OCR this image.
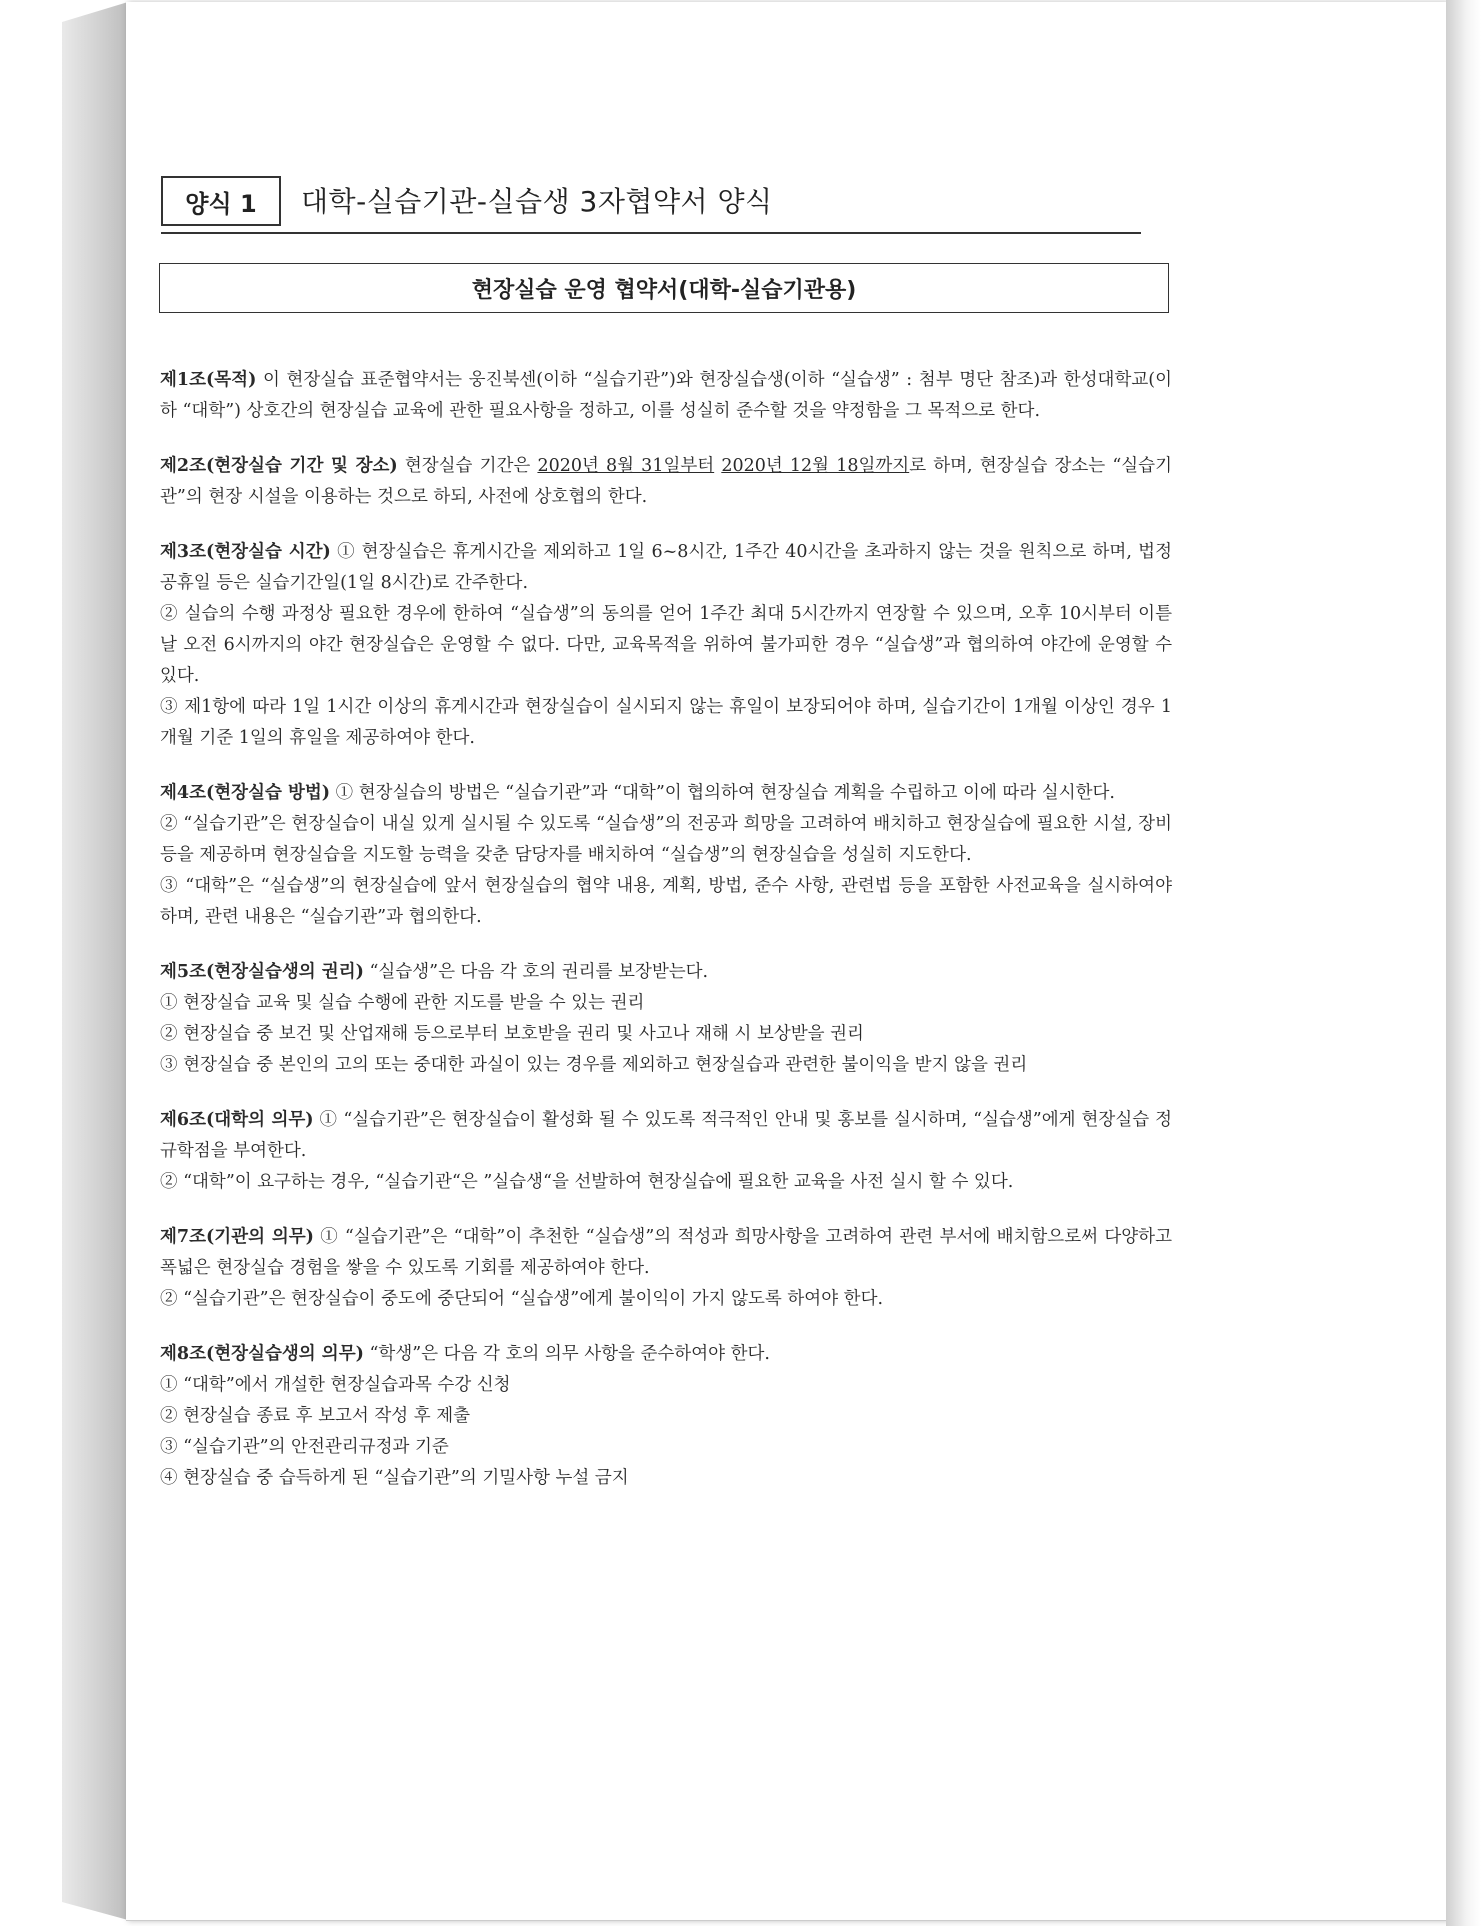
양식 1	대학-실습기관-실습생 3자협약서 양식
현장실습 운영 협약서(대학-실습기관용)

제1조(목적) 이 현장실습 표준협약서는 웅진북센(이하 “실습기관”)와 현장실습생(이하 “실습생” : 첨부 명단 참조)과 한성대학교(이하 “대학”) 상호간의 현장실습 교육에 관한 필요사항을 정하고, 이를 성실히 준수할 것을 약정함을 그 목적으로 한다.

제2조(현장실습 기간 및 장소) 현장실습 기간은 2020년 8월 31일부터 2020년 12월 18일까지로 하며, 현장실습 장소는 “실습기관”의 현장 시설을 이용하는 것으로 하되, 사전에 상호협의 한다.

제3조(현장실습 시간) ① 현장실습은 휴게시간을 제외하고 1일 6~8시간, 1주간 40시간을 초과하지 않는 것을 원칙으로 하며, 법정 공휴일 등은 실습기간일(1일 8시간)로 간주한다.

② 실습의 수행 과정상 필요한 경우에 한하여 “실습생”의 동의를 얻어 1주간 최대 5시간까지 연장할 수 있으며, 오후 10시부터 이튿날 오전 6시까지의 야간 현장실습은 운영할 수 없다. 다만, 교육목적을 위하여 불가피한 경우 “실습생”과 협의하여 야간에 운영할 수 있다.

③ 제1항에 따라 1일 1시간 이상의 휴게시간과 현장실습이 실시되지 않는 휴일이 보장되어야 하며, 실습기간이 1개월 이상인 경우 1개월 기준 1일의 휴일을 제공하여야 한다.

제4조(현장실습 방법) ① 현장실습의 방법은 “실습기관”과 “대학”이 협의하여 현장실습 계획을 수립하고 이에 따라 실시한다.

② “실습기관”은 현장실습이 내실 있게 실시될 수 있도록 “실습생”의 전공과 희망을 고려하여 배치하고 현장실습에 필요한 시설, 장비 등을 제공하며 현장실습을 지도할 능력을 갖춘 담당자를 배치하여 “실습생”의 현장실습을 성실히 지도한다.

③ “대학”은 “실습생”의 현장실습에 앞서 현장실습의 협약 내용, 계획, 방법, 준수 사항, 관련법 등을 포함한 사전교육을 실시하여야 하며, 관련 내용은 “실습기관”과 협의한다.

제5조(현장실습생의 권리) “실습생”은 다음 각 호의 권리를 보장받는다.

① 현장실습 교육 및 실습 수행에 관한 지도를 받을 수 있는 권리

② 현장실습 중 보건 및 산업재해 등으로부터 보호받을 권리 및 사고나 재해 시 보상받을 권리

③ 현장실습 중 본인의 고의 또는 중대한 과실이 있는 경우를 제외하고 현장실습과 관련한 불이익을 받지 않을 권리

제6조(대학의 의무) ① “실습기관”은 현장실습이 활성화 될 수 있도록 적극적인 안내 및 홍보를 실시하며, “실습생”에게 현장실습 정규학점을 부여한다.

② “대학”이 요구하는 경우, “실습기관“은 ”실습생“을 선발하여 현장실습에 필요한 교육을 사전 실시 할 수 있다.

제7조(기관의 의무) ① “실습기관”은 “대학”이 추천한 “실습생”의 적성과 희망사항을 고려하여 관련 부서에 배치함으로써 다양하고 폭넓은 현장실습 경험을 쌓을 수 있도록 기회를 제공하여야 한다.

② “실습기관”은 현장실습이 중도에 중단되어 “실습생”에게 불이익이 가지 않도록 하여야 한다.

제8조(현장실습생의 의무) “학생”은 다음 각 호의 의무 사항을 준수하여야 한다.

① “대학”에서 개설한 현장실습과목 수강 신청

② 현장실습 종료 후 보고서 작성 후 제출

③ “실습기관”의 안전관리규정과 기준

④ 현장실습 중 습득하게 된 “실습기관”의 기밀사항 누설 금지
